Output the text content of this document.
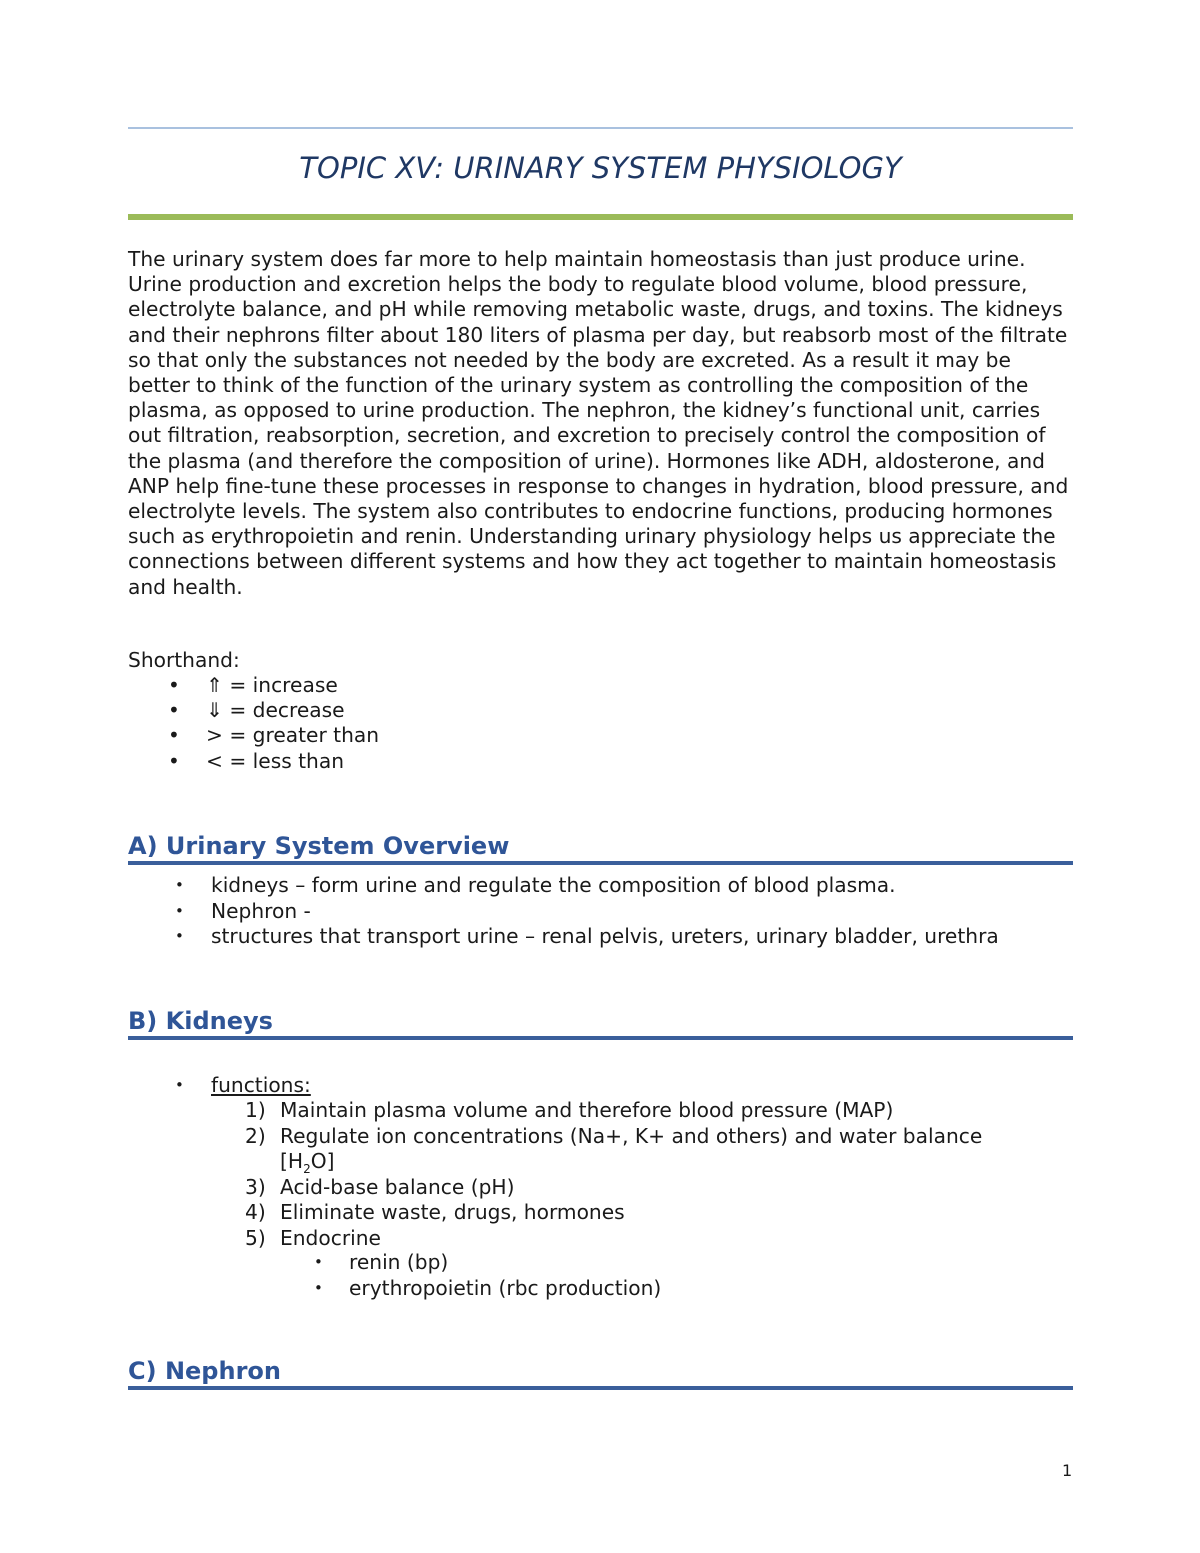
TOPIC XV: URINARY SYSTEM PHYSIOLOGY

The urinary system does far more to help maintain homeostasis than just produce urine. Urine production and excretion helps the body to regulate blood volume, blood pressure, electrolyte balance, and pH while removing metabolic waste, drugs, and toxins. The kidneys and their nephrons filter about 180 liters of plasma per day, but reabsorb most of the filtrate so that only the substances not needed by the body are excreted. As a result it may be better to think of the function of the urinary system as controlling the composition of the plasma, as opposed to urine production. The nephron, the kidney’s functional unit, carries out filtration, reabsorption, secretion, and excretion to precisely control the composition of the plasma (and therefore the composition of urine). Hormones like ADH, aldosterone, and ANP help fine-tune these processes in response to changes in hydration, blood pressure, and electrolyte levels. The system also contributes to endocrine functions, producing hormones such as erythropoietin and renin. Understanding urinary physiology helps us appreciate the connections between different systems and how they act together to maintain homeostasis and health.

Shorthand:

• ⇑ = increase
• ⇓ = decrease
• > = greater than
• < = less than
A) Urinary System Overview
• kidneys – form urine and regulate the composition of blood plasma.
• Nephron -
• structures that transport urine – renal pelvis, ureters, urinary bladder, urethra
B) Kidneys
• functions:
1) Maintain plasma volume and therefore blood pressure (MAP)
2) Regulate ion concentrations (Na+, K+ and others) and water balance
$[H_2O]$
3) Acid-base balance (pH)
4) Eliminate waste, drugs, hormones
5) Endocrine
• renin (bp)
• erythropoietin (rbc production)
C) Nephron
1
